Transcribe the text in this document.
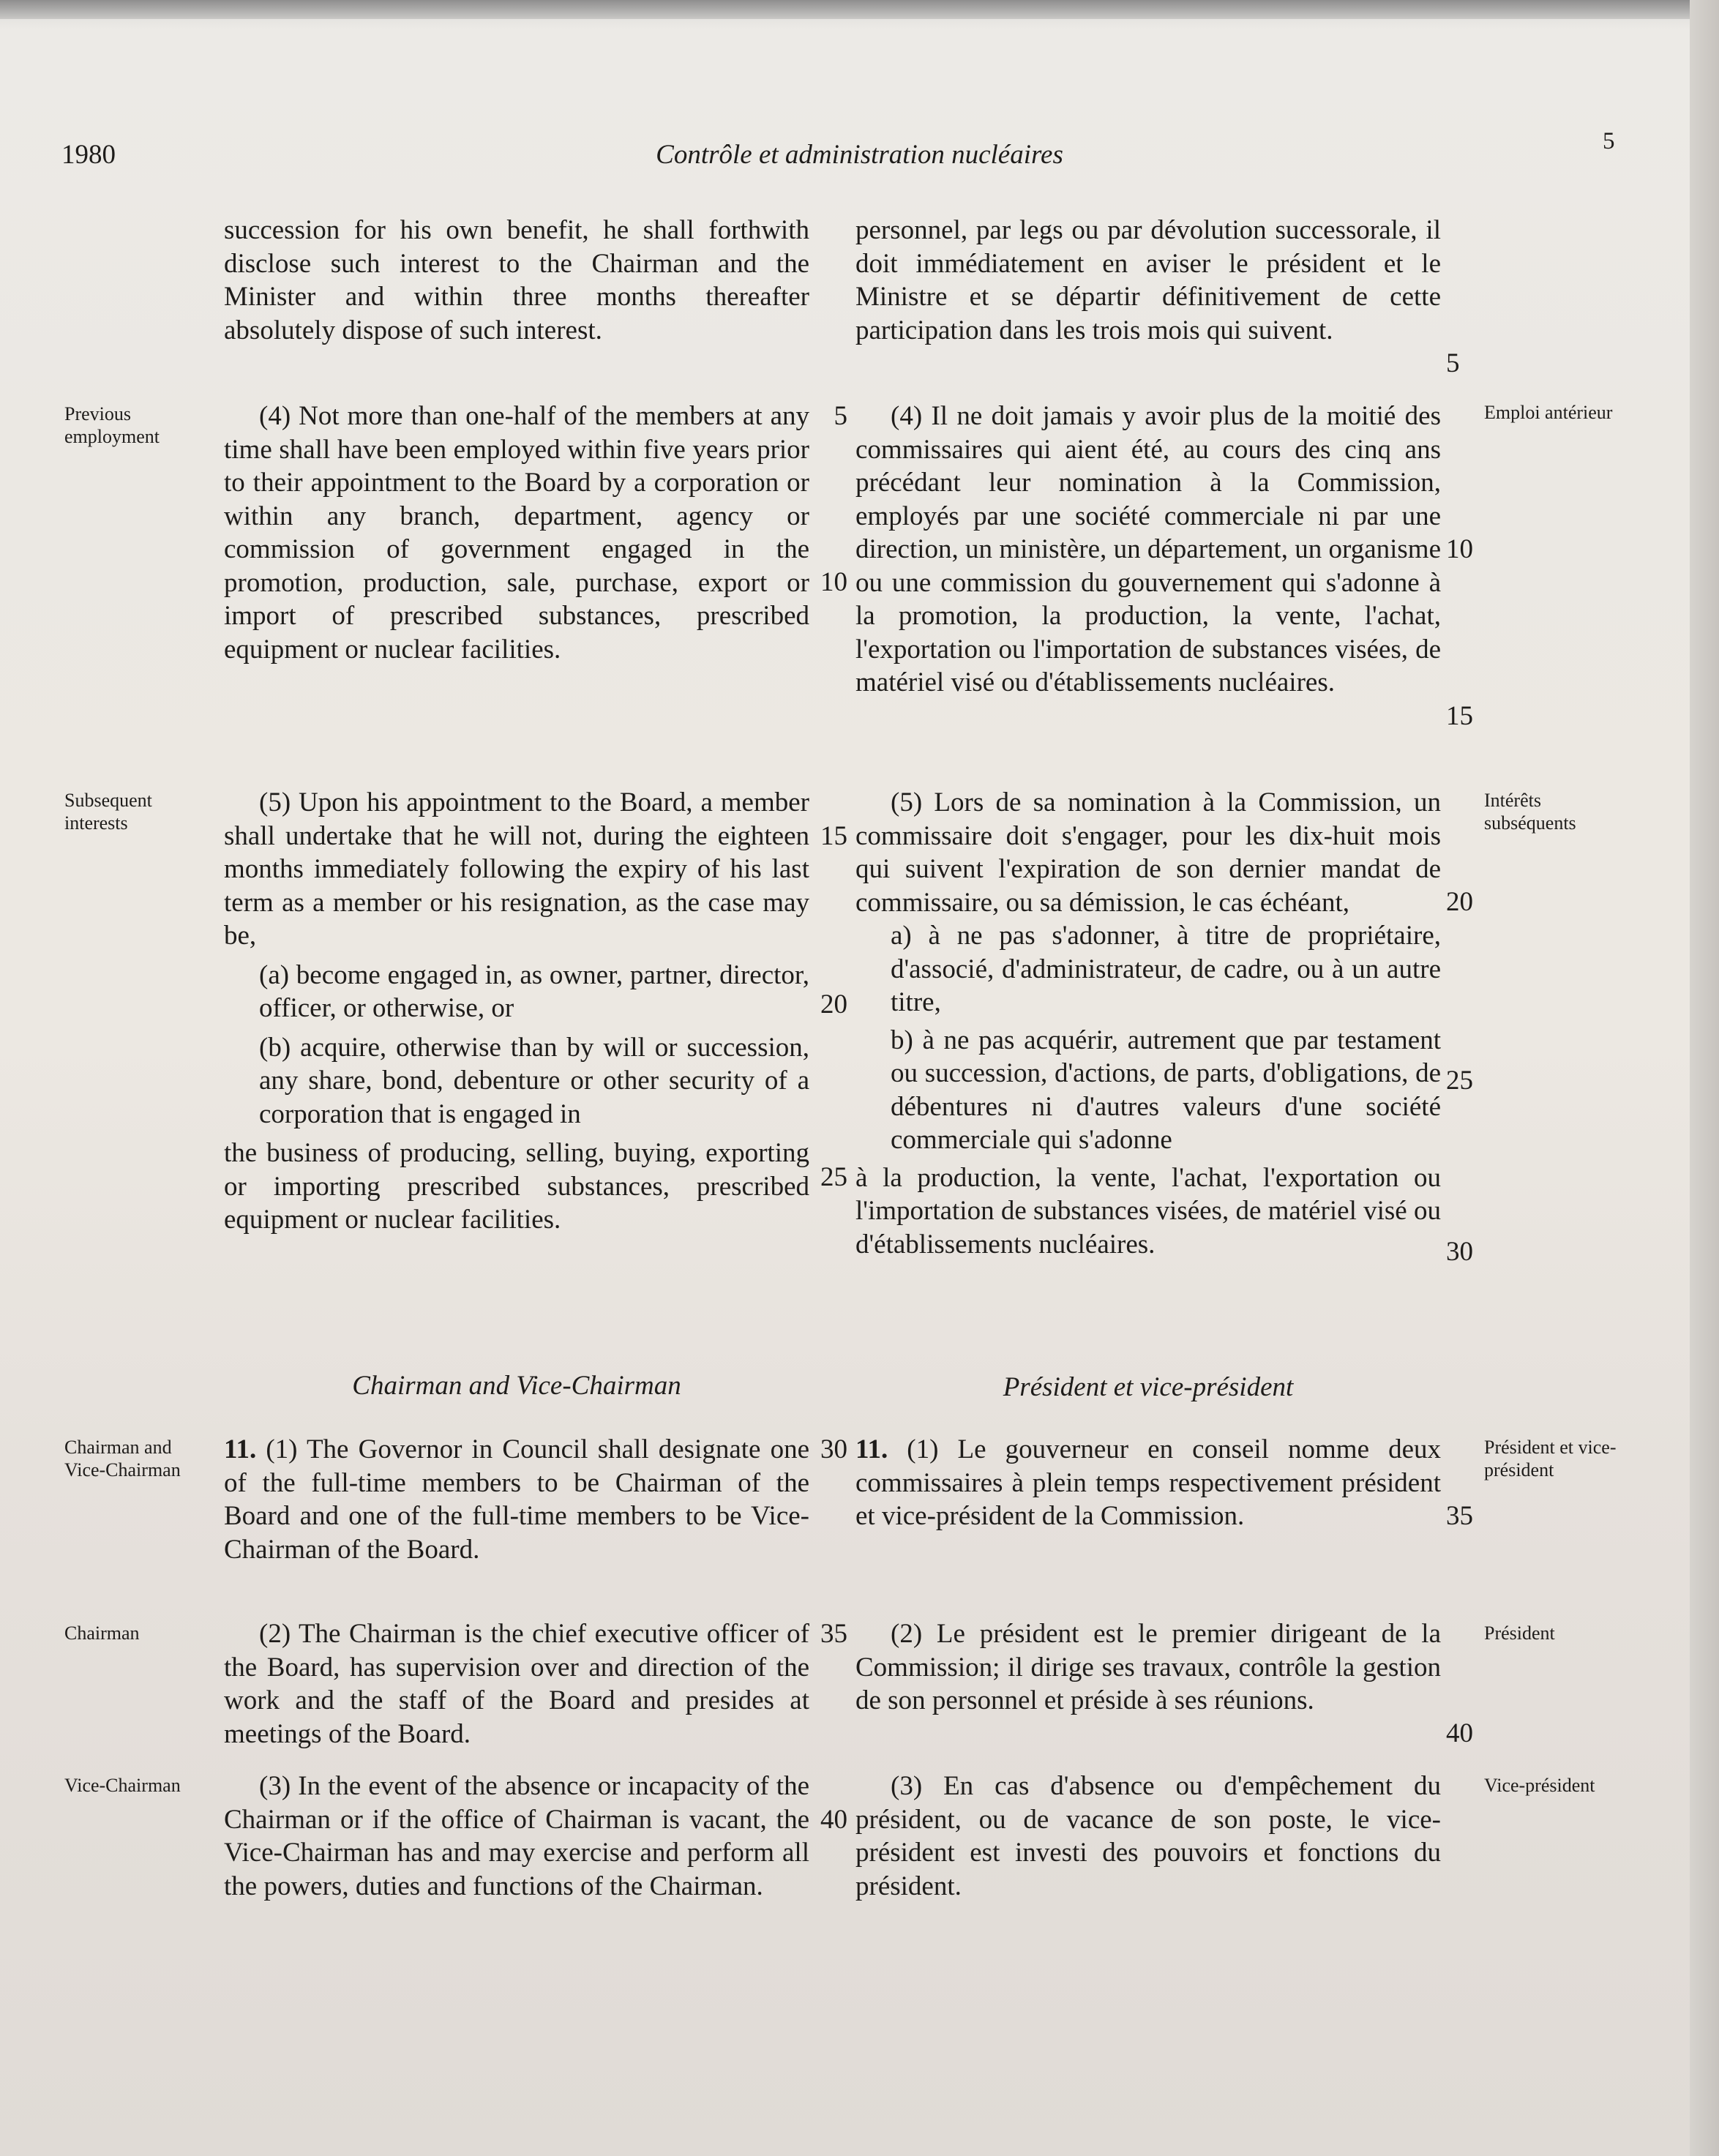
1980	Contrôle et administration nucléaires	5
succession for his own benefit, he shall forthwith disclose such interest to the Chairman and the Minister and within three months thereafter absolutely dispose of such interest.
personnel, par legs ou par dévolution successorale, il doit immédiatement en aviser le président et le Ministre et se départir définitivement de cette participation dans les trois mois qui suivent.
Previous employment
Emploi antérieur
(4) Not more than one-half of the members at any time shall have been employed within five years prior to their appointment to the Board by a corporation or within any branch, department, agency or commission of government engaged in the promotion, production, sale, purchase, export or import of prescribed substances, prescribed equipment or nuclear facilities.
(4) Il ne doit jamais y avoir plus de la moitié des commissaires qui aient été, au cours des cinq ans précédant leur nomination à la Commission, employés par une société commerciale ni par une direction, un ministère, un département, un organisme ou une commission du gouvernement qui s'adonne à la promotion, la production, la vente, l'achat, l'exportation ou l'importation de substances visées, de matériel visé ou d'établissements nucléaires.
Subsequent interests
Intérêts subséquents

(5) Upon his appointment to the Board, a member shall undertake that he will not, during the eighteen months immediately following the expiry of his last term as a member or his resignation, as the case may be,

(a) become engaged in, as owner, partner, director, officer, or otherwise, or

(b) acquire, otherwise than by will or succession, any share, bond, debenture or other security of a corporation that is engaged in

the business of producing, selling, buying, exporting or importing prescribed substances, prescribed equipment or nuclear facilities.

(5) Lors de sa nomination à la Commission, un commissaire doit s'engager, pour les dix-huit mois qui suivent l'expiration de son dernier mandat de commissaire, ou sa démission, le cas échéant,

a) à ne pas s'adonner, à titre de propriétaire, d'associé, d'administrateur, de cadre, ou à un autre titre,

b) à ne pas acquérir, autrement que par testament ou succession, d'actions, de parts, d'obligations, de débentures ni d'autres valeurs d'une société commerciale qui s'adonne

à la production, la vente, l'achat, l'exportation ou l'importation de substances visées, de matériel visé ou d'établissements nucléaires.

Chairman and Vice-Chairman	Président et vice-président
Chairman and Vice-Chairman
Président et vice-président
11. (1) The Governor in Council shall designate one of the full-time members to be Chairman of the Board and one of the full-time members to be Vice-Chairman of the Board.
11. (1) Le gouverneur en conseil nomme deux commissaires à plein temps respectivement président et vice-président de la Commission.
Chairman	Président
(2) The Chairman is the chief executive officer of the Board, has supervision over and direction of the work and the staff of the Board and presides at meetings of the Board.
(2) Le président est le premier dirigeant de la Commission; il dirige ses travaux, contrôle la gestion de son personnel et préside à ses réunions.
Vice-Chairman	Vice-président
(3) In the event of the absence or incapacity of the Chairman or if the office of Chairman is vacant, the Vice-Chairman has and may exercise and perform all the powers, duties and functions of the Chairman.
(3) En cas d'absence ou d'empêchement du président, ou de vacance de son poste, le vice-président est investi des pouvoirs et fonctions du président.
5
10
15
20
25
30
35
40
5
10
15
20
25
30
35
40
